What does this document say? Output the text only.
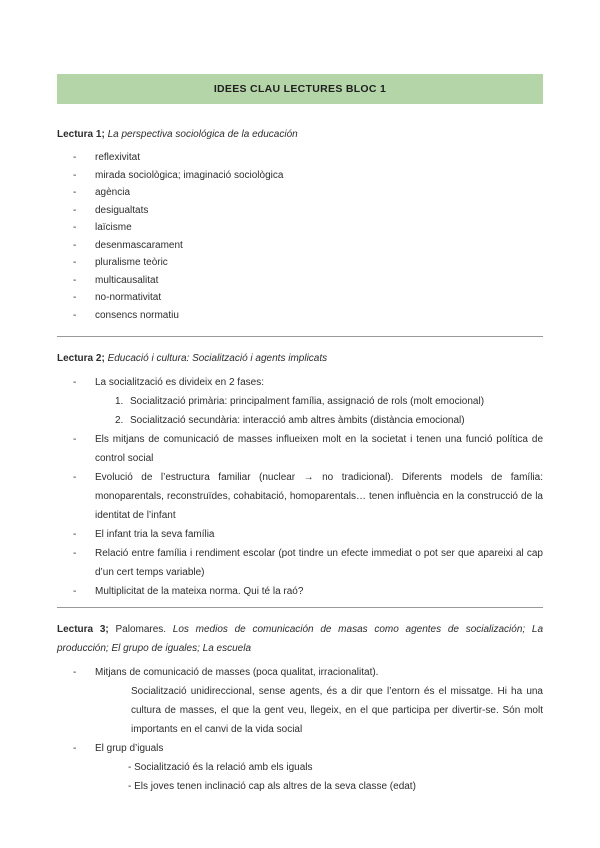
IDEES CLAU LECTURES BLOC 1
Lectura 1; La perspectiva sociológica de la educación
-	reflexivitat
-	mirada sociològica; imaginació sociològica
-	agència
-	desigualtats
-	laïcisme
-	desenmascarament
-	pluralisme teòric
-	multicausalitat
-	no-normativitat
-	consencs normatiu
Lectura 2; Educació i cultura: Socialització i agents implicats
-	La socialització es divideix en 2 fases:
1. Socialització primària: principalment família, assignació de rols (molt emocional)
2. Socialització secundària: interacció amb altres àmbits (distància emocional)
-	Els mitjans de comunicació de masses influeixen molt en la societat i tenen una funció política de control social
-	Evolució de l’estructura familiar (nuclear → no tradicional). Diferents models de família: monoparentals, reconstruïdes, cohabitació, homoparentals… tenen influència en la construcció de la identitat de l’infant
-	El infant tria la seva família
-	Relació entre família i rendiment escolar (pot tindre un efecte immediat o pot ser que apareixi al cap d’un cert temps variable)
-	Multiplicitat de la mateixa norma. Qui té la raó?
Lectura 3; Palomares. Los medios de comunicación de masas como agentes de socialización; La producción; El grupo de iguales; La escuela
-	Mitjans de comunicació de masses (poca qualitat, irracionalitat).
Socialització unidireccional, sense agents, és a dir que l’entorn és el missatge. Hi ha una cultura de masses, el que la gent veu, llegeix, en el que participa per divertir-se. Són molt importants en el canvi de la vida social
-	El grup d’iguals
- Socialització és la relació amb els iguals
- Els joves tenen inclinació cap als altres de la seva classe (edat)
